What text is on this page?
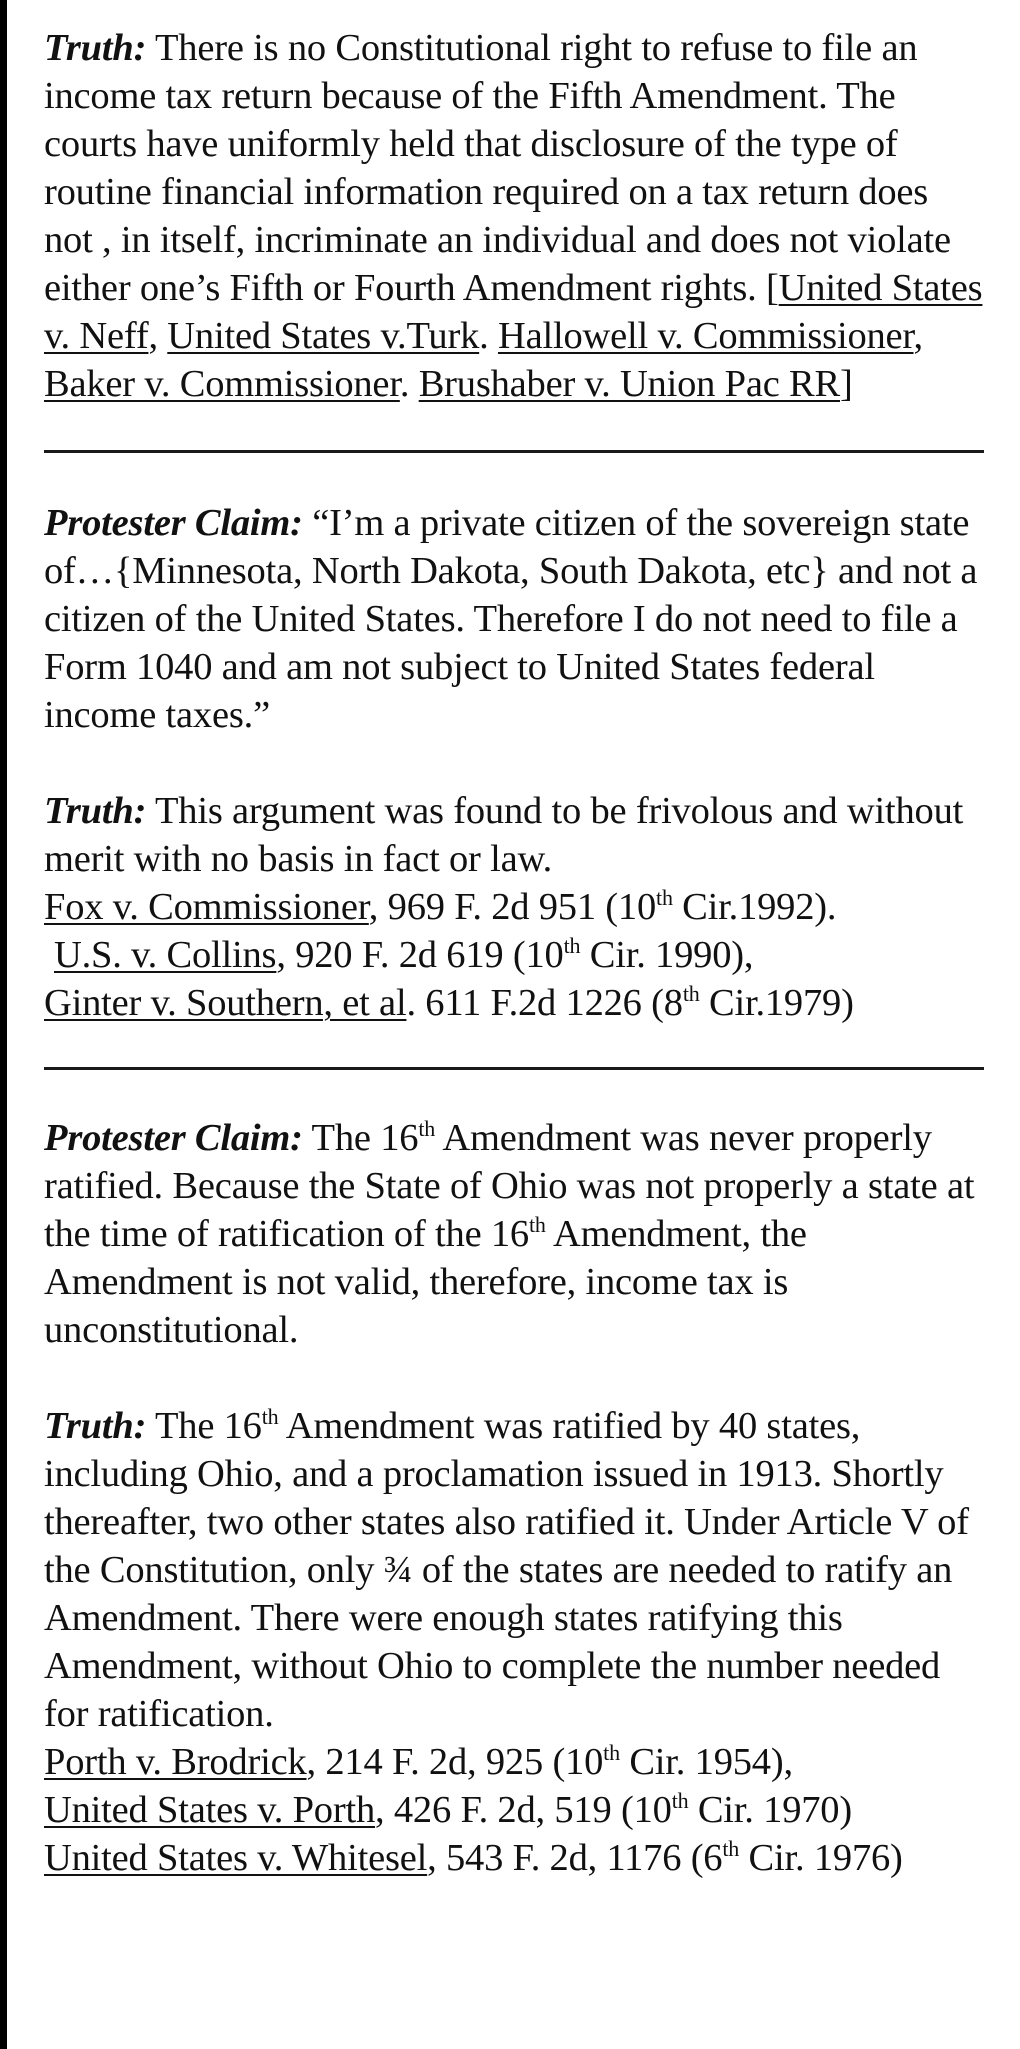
Truth: There is no Constitutional right to refuse to file an income tax return because of the Fifth Amendment. The courts have uniformly held that disclosure of the type of routine financial information required on a tax return does not , in itself, incriminate an individual and does not violate either one’s Fifth or Fourth Amendment rights. [United States v. Neff, United States v.Turk. Hallowell v. Commissioner, Baker v. Commissioner. Brushaber v. Union Pac RR]

Protester Claim: “I’m a private citizen of the sovereign state of…{Minnesota, North Dakota, South Dakota, etc} and not a citizen of the United States. Therefore I do not need to file a Form 1040 and am not subject to United States federal income taxes.”

Truth: This argument was found to be frivolous and without merit with no basis in fact or law.

Fox v. Commissioner, 969 F. 2d 951 (10th Cir.1992).

U.S. v. Collins, 920 F. 2d 619 (10th Cir. 1990),

Ginter v. Southern, et al. 611 F.2d 1226 (8th Cir.1979)

Protester Claim: The 16th Amendment was never properly ratified. Because the State of Ohio was not properly a state at the time of ratification of the 16th Amendment, the Amendment is not valid, therefore, income tax is unconstitutional.

Truth: The 16th Amendment was ratified by 40 states, including Ohio, and a proclamation issued in 1913. Shortly thereafter, two other states also ratified it. Under Article V of the Constitution, only ¾ of the states are needed to ratify an Amendment. There were enough states ratifying this Amendment, without Ohio to complete the number needed for ratification.

Porth v. Brodrick, 214 F. 2d, 925 (10th Cir. 1954),

United States v. Porth, 426 F. 2d, 519 (10th Cir. 1970)

United States v. Whitesel, 543 F. 2d, 1176 (6th Cir. 1976)
